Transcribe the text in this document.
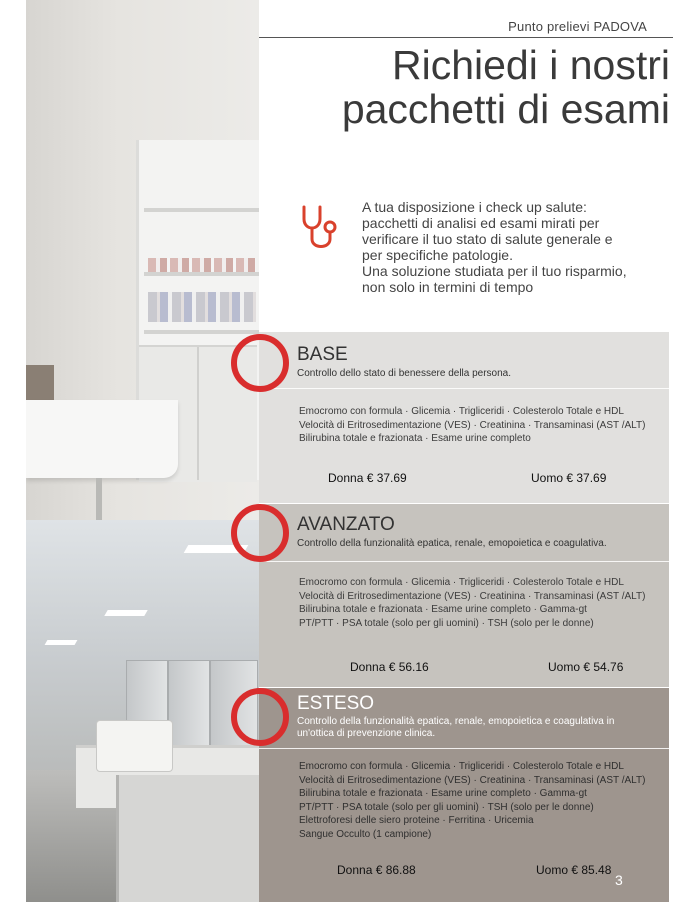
Punto prelievi PADOVA
Richiedi i nostri
pacchetti di esami

A tua disposizione i check up salute:

pacchetti di analisi ed esami mirati per

verificare il tuo stato di salute generale e

per specifiche patologie.

Una soluzione studiata per il tuo risparmio,

non solo in termini di tempo

BASE
Controllo dello stato di benessere della persona.
Emocromo con formula · Glicemia · Trigliceridi · Colesterolo Totale e HDL
Velocità di Eritrosedimentazione (VES) · Creatinina · Transaminasi (AST /ALT)
Bilirubina totale e frazionata · Esame urine completo
Donna € 37.69	Uomo € 37.69
AVANZATO
Controllo della funzionalità epatica, renale, emopoietica e coagulativa.
Emocromo con formula · Glicemia · Trigliceridi · Colesterolo Totale e HDL
Velocità di Eritrosedimentazione (VES) · Creatinina · Transaminasi (AST /ALT)
Bilirubina totale e frazionata · Esame urine completo · Gamma-gt
PT/PTT · PSA totale (solo per gli uomini) · TSH (solo per le donne)
Donna € 56.16	Uomo € 54.76
ESTESO
Controllo della funzionalità epatica, renale, emopoietica e coagulativa in
un'ottica di prevenzione clinica.
Emocromo con formula · Glicemia · Trigliceridi · Colesterolo Totale e HDL
Velocità di Eritrosedimentazione (VES) · Creatinina · Transaminasi (AST /ALT)
Bilirubina totale e frazionata · Esame urine completo · Gamma-gt
PT/PTT · PSA totale (solo per gli uomini) · TSH (solo per le donne)
Elettroforesi delle siero proteine · Ferritina · Uricemia
Sangue Occulto (1 campione)
Donna € 86.88	Uomo € 85.48
3
